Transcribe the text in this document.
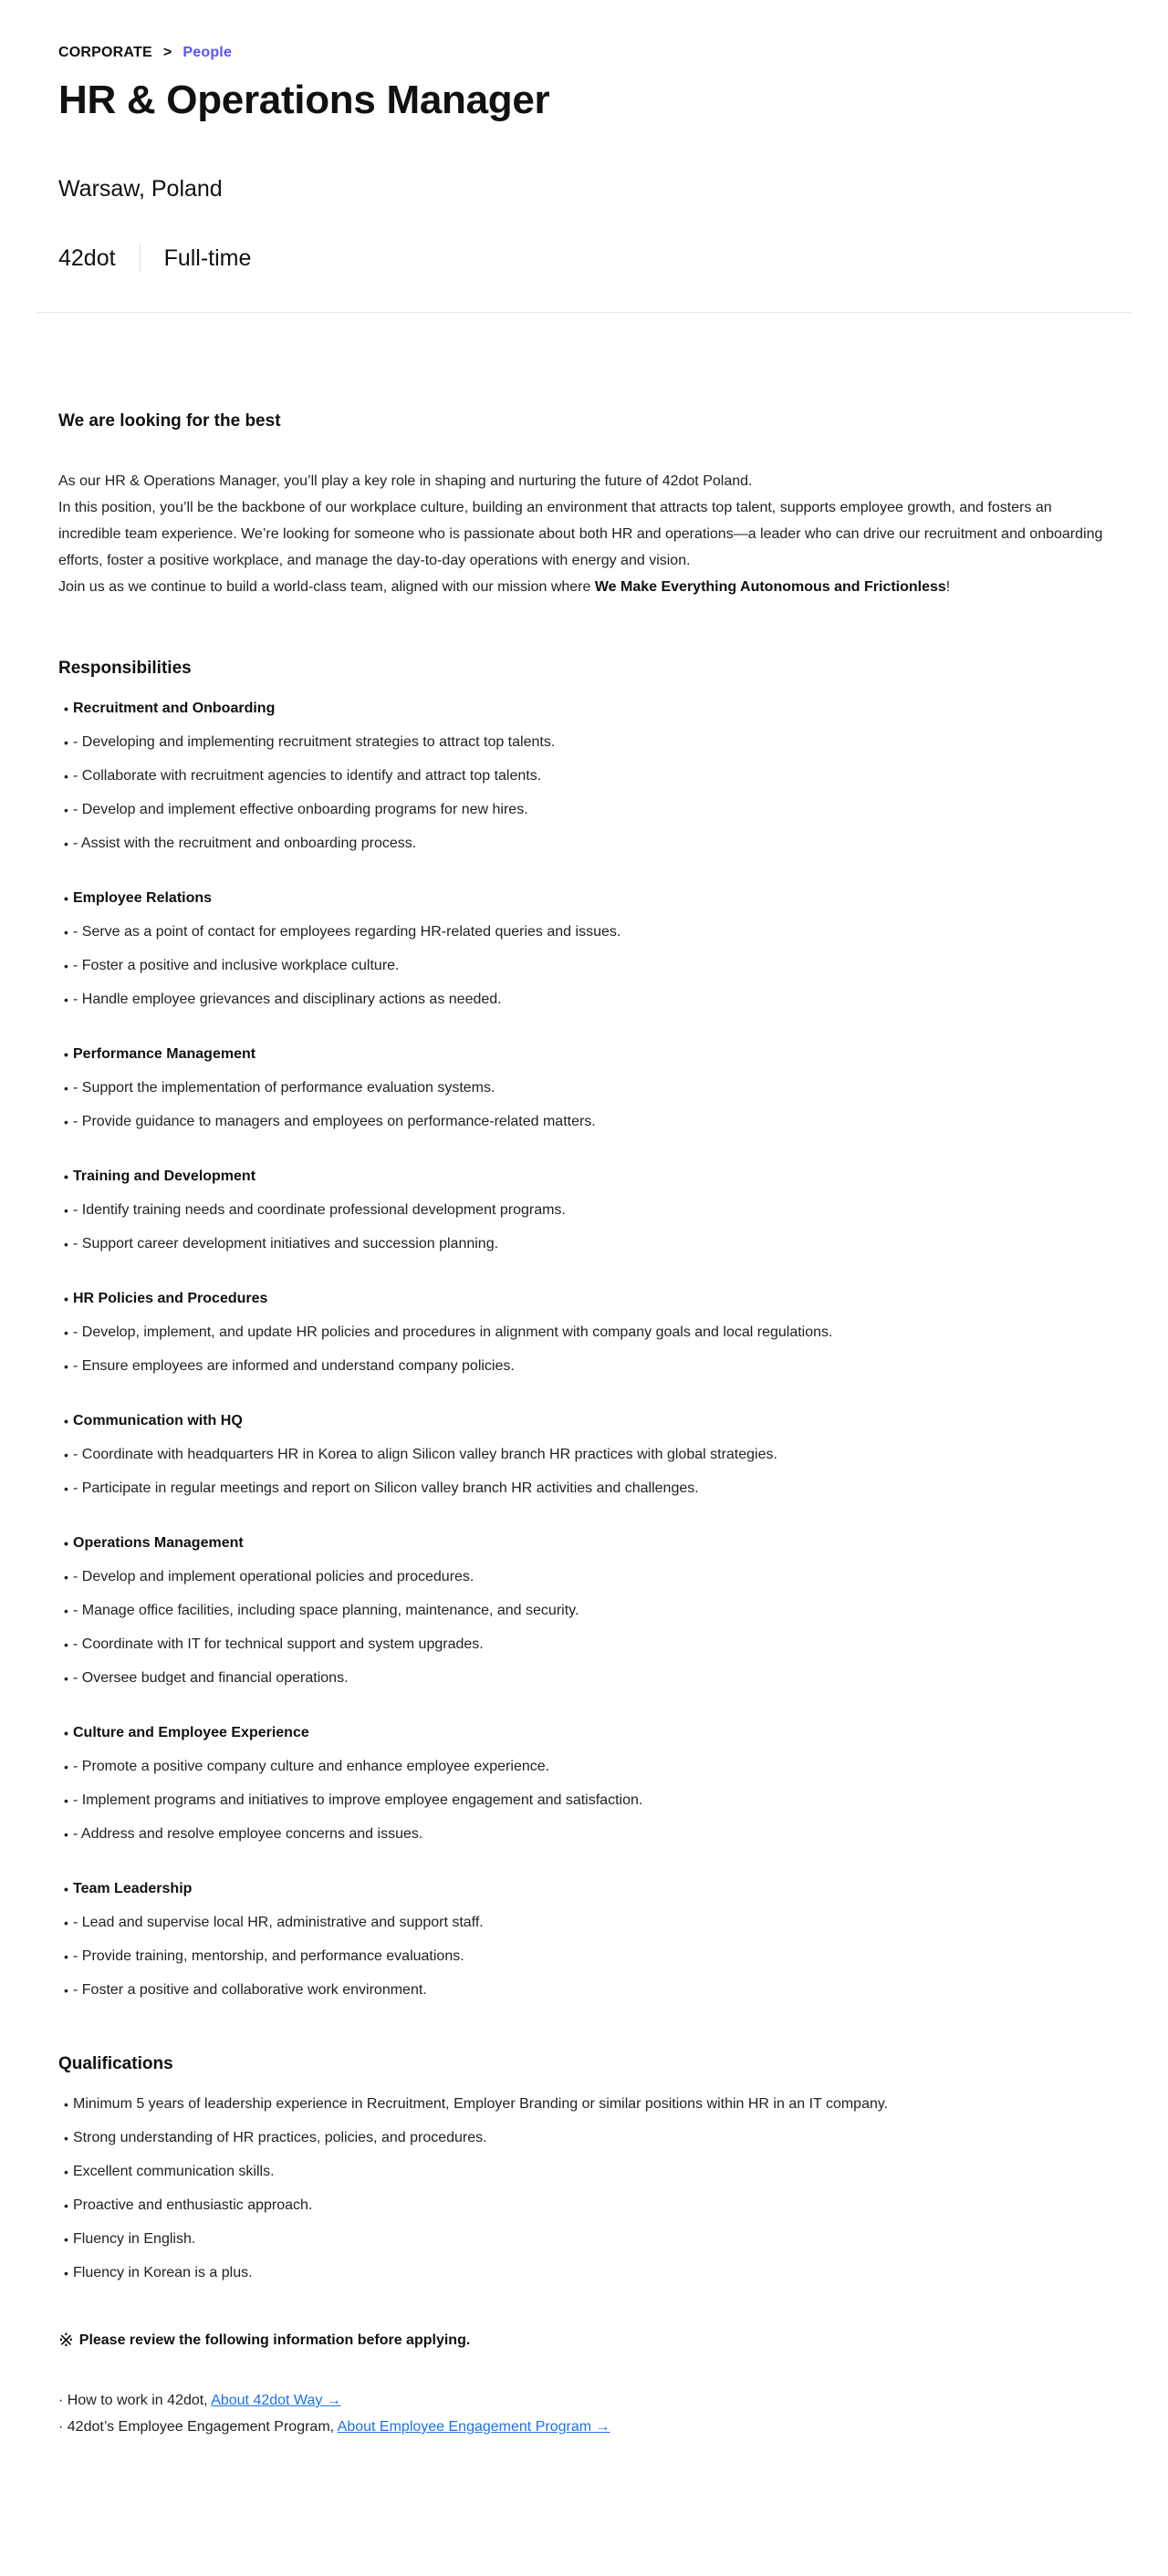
CORPORATE > People
HR & Operations Manager
Warsaw, Poland
42dot Full-time
We are looking for the best

As our HR & Operations Manager, you’ll play a key role in shaping and nurturing the future of 42dot Poland.

In this position, you’ll be the backbone of our workplace culture, building an environment that attracts top talent, supports employee growth, and fosters an incredible team experience. We’re looking for someone who is passionate about both HR and operations—a leader who can drive our recruitment and onboarding efforts, foster a positive workplace, and manage the day-to-day operations with energy and vision.

Join us as we continue to build a world-class team, aligned with our mission where We Make Everything Autonomous and Frictionless!

Responsibilities
• Recruitment and Onboarding
• - Developing and implementing recruitment strategies to attract top talents.
• - Collaborate with recruitment agencies to identify and attract top talents.
• - Develop and implement effective onboarding programs for new hires.
• - Assist with the recruitment and onboarding process.
• Employee Relations
• - Serve as a point of contact for employees regarding HR-related queries and issues.
• - Foster a positive and inclusive workplace culture.
• - Handle employee grievances and disciplinary actions as needed.
• Performance Management
• - Support the implementation of performance evaluation systems.
• - Provide guidance to managers and employees on performance-related matters.
• Training and Development
• - Identify training needs and coordinate professional development programs.
• - Support career development initiatives and succession planning.
• HR Policies and Procedures
• - Develop, implement, and update HR policies and procedures in alignment with company goals and local regulations.
• - Ensure employees are informed and understand company policies.
• Communication with HQ
• - Coordinate with headquarters HR in Korea to align Silicon valley branch HR practices with global strategies.
• - Participate in regular meetings and report on Silicon valley branch HR activities and challenges.
• Operations Management
• - Develop and implement operational policies and procedures.
• - Manage office facilities, including space planning, maintenance, and security.
• - Coordinate with IT for technical support and system upgrades.
• - Oversee budget and financial operations.
• Culture and Employee Experience
• - Promote a positive company culture and enhance employee experience.
• - Implement programs and initiatives to improve employee engagement and satisfaction.
• - Address and resolve employee concerns and issues.
• Team Leadership
• - Lead and supervise local HR, administrative and support staff.
• - Provide training, mentorship, and performance evaluations.
• - Foster a positive and collaborative work environment.
Qualifications
• Minimum 5 years of leadership experience in Recruitment, Employer Branding or similar positions within HR in an IT company.
• Strong understanding of HR practices, policies, and procedures.
• Excellent communication skills.
• Proactive and enthusiastic approach.
• Fluency in English.
• Fluency in Korean is a plus.
※ Please review the following information before applying.
· How to work in 42dot, About 42dot Way →
· 42dot’s Employee Engagement Program, About Employee Engagement Program →
